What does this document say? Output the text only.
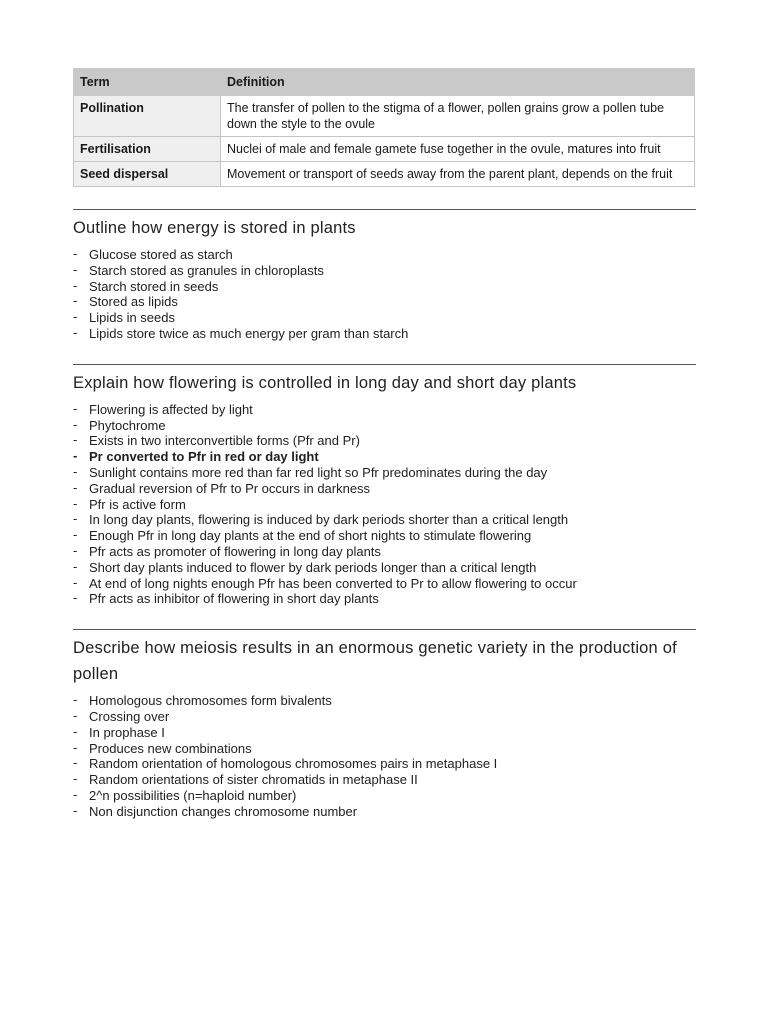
Term	Definition
Pollination	The transfer of pollen to the stigma of a flower, pollen grains grow a pollen tube down the style to the ovule
Fertilisation	Nuclei of male and female gamete fuse together in the ovule, matures into fruit
Seed dispersal	Movement or transport of seeds away from the parent plant, depends on the fruit
Outline how energy is stored in plants
- Glucose stored as starch
- Starch stored as granules in chloroplasts
- Starch stored in seeds
- Stored as lipids
- Lipids in seeds
- Lipids store twice as much energy per gram than starch
Explain how flowering is controlled in long day and short day plants
- Flowering is affected by light
- Phytochrome
- Exists in two interconvertible forms (Pfr and Pr)
- Pr converted to Pfr in red or day light
- Sunlight contains more red than far red light so Pfr predominates during the day
- Gradual reversion of Pfr to Pr occurs in darkness
- Pfr is active form
- In long day plants, flowering is induced by dark periods shorter than a critical length
- Enough Pfr in long day plants at the end of short nights to stimulate flowering
- Pfr acts as promoter of flowering in long day plants
- Short day plants induced to flower by dark periods longer than a critical length
- At end of long nights enough Pfr has been converted to Pr to allow flowering to occur
- Pfr acts as inhibitor of flowering in short day plants
Describe how meiosis results in an enormous genetic variety in the production of pollen
- Homologous chromosomes form bivalents
- Crossing over
- In prophase I
- Produces new combinations
- Random orientation of homologous chromosomes pairs in metaphase I
- Random orientations of sister chromatids in metaphase II
- 2^n possibilities (n=haploid number)
- Non disjunction changes chromosome number
